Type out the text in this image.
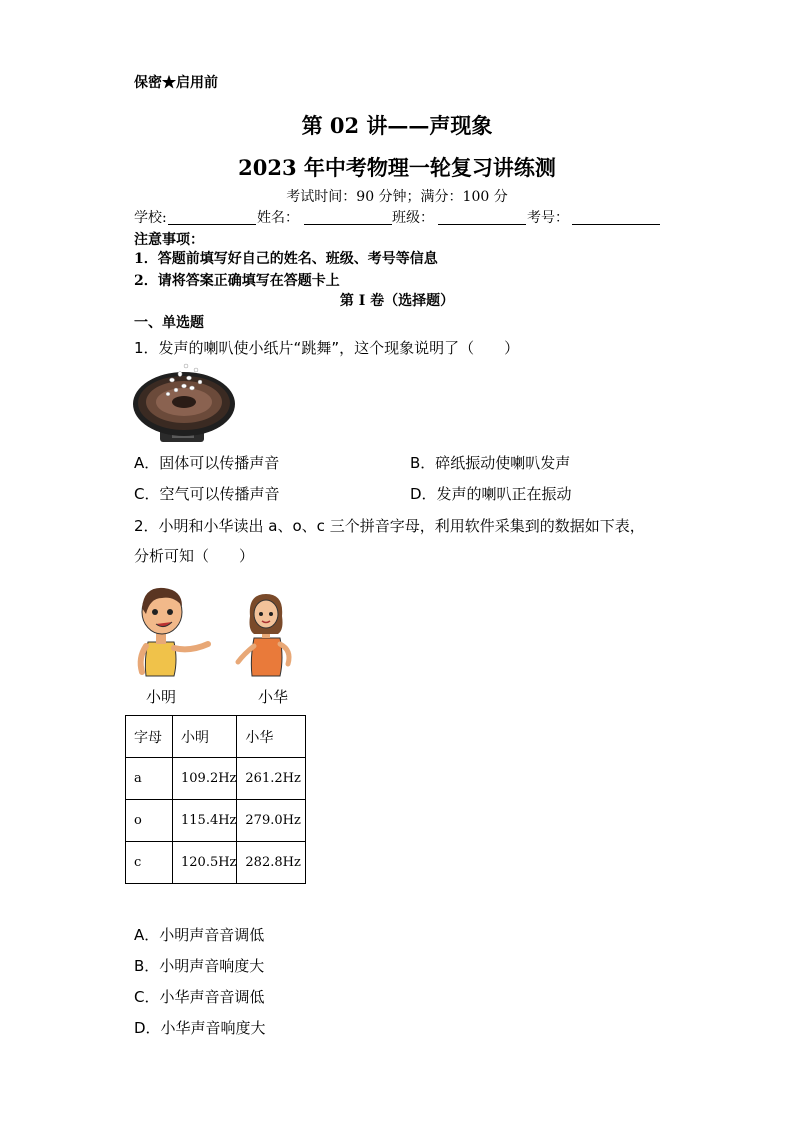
保密★启用前
第 02 讲——声现象
2023 年中考物理一轮复习讲练测
考试时间：90 分钟；满分：100 分
学校:	姓名：	班级：	考号：
注意事项：
1．答题前填写好自己的姓名、班级、考号等信息
2．请将答案正确填写在答题卡上
第 I 卷（选择题）
一、单选题
1．发声的喇叭使小纸片“跳舞”，这个现象说明了（　　）
A．固体可以传播声音	B．碎纸振动使喇叭发声
C．空气可以传播声音	D．发声的喇叭正在振动
2．小明和小华读出 a、o、c 三个拼音字母，利用软件采集到的数据如下表，
分析可知（　　）
小明	小华
字母	小明	小华
a	109.2Hz	261.2Hz
o	115.4Hz	279.0Hz
c	120.5Hz	282.8Hz
A．小明声音音调低
B．小明声音响度大
C．小华声音音调低
D．小华声音响度大
